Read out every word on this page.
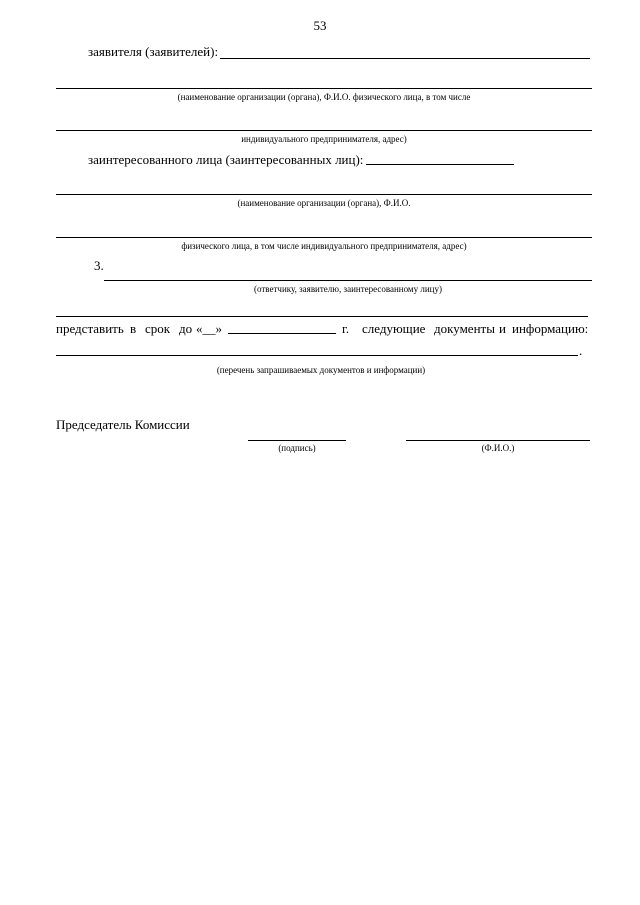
53
заявителя (заявителей):
(наименование организации (органа), Ф.И.О. физического лица, в том числе
индивидуального предпринимателя, адрес)
заинтересованного лица (заинтересованных лиц):
(наименование организации (органа), Ф.И.О.
физического лица, в том числе индивидуального предпринимателя, адрес)
3.
(ответчику, заявителю, заинтересованному лицу)
представить в срок до «__»	г. следующие документы и информацию:
.
(перечень запрашиваемых документов и информации)
Председатель Комиссии
(подпись)	(Ф.И.О.)
